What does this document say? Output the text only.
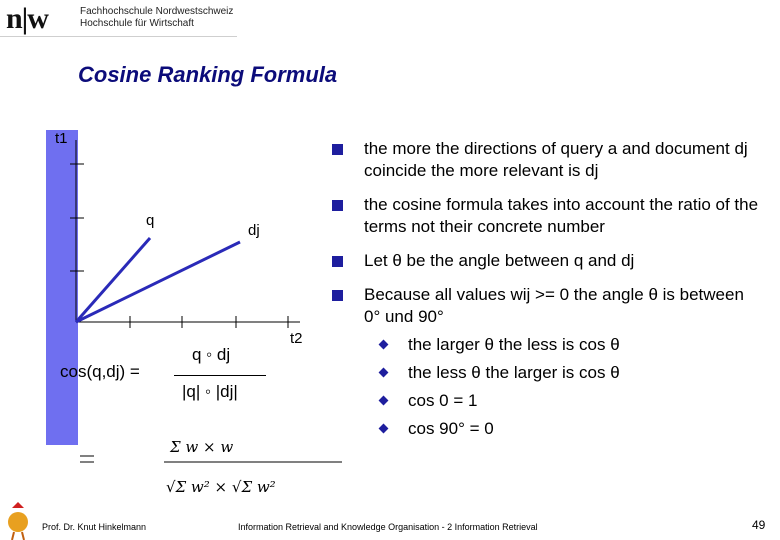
n|w	Fachhochschule Nordwestschweiz
Hochschule für Wirtschaft
Cosine Ranking Formula
t1
t2
q
dj
cos(q,dj) =
q ◦ dj
|q| ◦ |dj|
Σ w × w
√Σ w² × √Σ w²
the more the directions of query a and document dj coincide the more relevant is dj
the cosine formula takes into account the ratio of the terms not their concrete number
Let θ be the angle between q and dj
Because all values wij >= 0 the angle θ is between 0° und 90°
the larger θ the less is cos θ
the less θ the larger is cos θ
cos 0 = 1
cos 90° = 0
Prof. Dr. Knut Hinkelmann	Information Retrieval and Knowledge Organisation - 2 Information Retrieval	49
